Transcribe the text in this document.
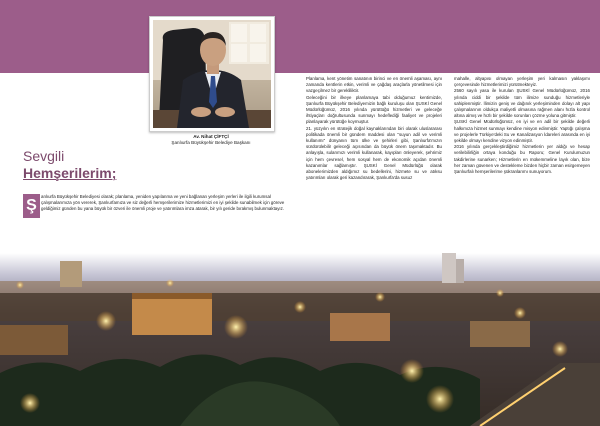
Av. Nihat ÇİFTÇİ
Şanlıurfa Büyükşehir Belediye Başkanı
Sevgili
Hemşerilerim;
Ş
anlıurfa Büyükşehir Belediyesi olarak; planlama, yeniden yapılanma ve yeni bağlanan yerleşim yerleri ile ilgili kurumsal çalışmalarımıza yön vererek, Şanlıurfamıza ve siz değerli hemşerilerimize hizmetlerimizi en iyi şekilde sunabilmek için göreve geldiğimiz günden bu yana büyük bir özveri ile önemli proje ve yatırımlara imza atarak, bir yılı geride bırakmış bulunmaktayız.

Planlama, kent yönetim sanatının birinci ve en önemli aşaması, aynı zamanda kentlerin etkin, verimli ve çağdaş araçlarla yönetilmesi için vazgeçilmez bir gerekliliktir.

Geleceğini bir ilkeye planlamaya tabi olduğumuz kentimizde, Şanlıurfa Büyükşehir Belediyemizin bağlı kuruluşu olan ŞUSKİ Genel Müdürlüğümüz, 2016 yılında yürüttüğü hizmetleri ve geleceğe ihtiyaçları doğrultusunda sunmayı hedeflediği faaliyet ve projeleri planlayarak yürütüğe koymuştur.

21. yüzyılın en stratejik doğal kaynaklarından biri olarak uluslararası politikada önemli bir gündem maddesi olan "suyun adil ve verimli kullanımı" dünyanın tüm ülke ve şehirleri gibi, Şanlıurfa'mızın sürdürülebilir geleceği açısından da büyük önem taşımaktadır. Bu anlayışla, sularımızı verimli kullanarak, kayıpları önleyerek, şehrimiz için hem çevresel, hem sosyal hem de ekonomik açıdan önemli kazanımlar sağlamıştır. ŞUSKİ Genel Müdürlüğü olarak abonelerimizden aldığımız su bedellerini, hizmete su ve atıksu yatırımları olarak geri kazandırarak, Şanlıurfa'da susuz

mahalle, altyapısı olmayan yerleşim yeri kalmasın yaklaşımı çerçevesinde hizmetlerimizi yürütmekteyiz.

2560 sayılı yasa ile kurulan ŞUSKİ Genel Müdürlüğümüz, 2016 yılında ciddi bir şekilde tüm ilimize sunduğu hizmetleriyle sahiplenmiştir. İlimizin geniş ve dağınık yerleşiminden dolayı alt yapı çalışmalarının oldukça maliyetli olmasına rağmen alanı hızla kontrol altına almış ve hızlı bir şekilde sorunları çözme yoluna gitmiştir.

ŞUSKİ Genel Müdürlüğümüz, en iyi ve en adil bir şekilde değerli halkımıza hizmet sunmayı kendine misyon edinmiştir. Yaptığı çalışma ve projelerle Türkiye'deki Su ve Kanalizasyon İdareleri arasında en iyi şekilde olmayı kendine vizyon edinmiştir.

2016 yılında gerçekleştirdiğimiz hizmetlerin yer aldığı ve hesap verilebilirliğin ortaya konduğu bu Raporu; Genel Kurulumuzun takdirlerine sunarken; Hizmetlerin en mükemmeline layık olan, bize her zaman güvenen ve destekleme bizden hiçbir zaman esirgemeyen Şanlıurfalı hemşerilerime şükranlarımı sunuyorum.
